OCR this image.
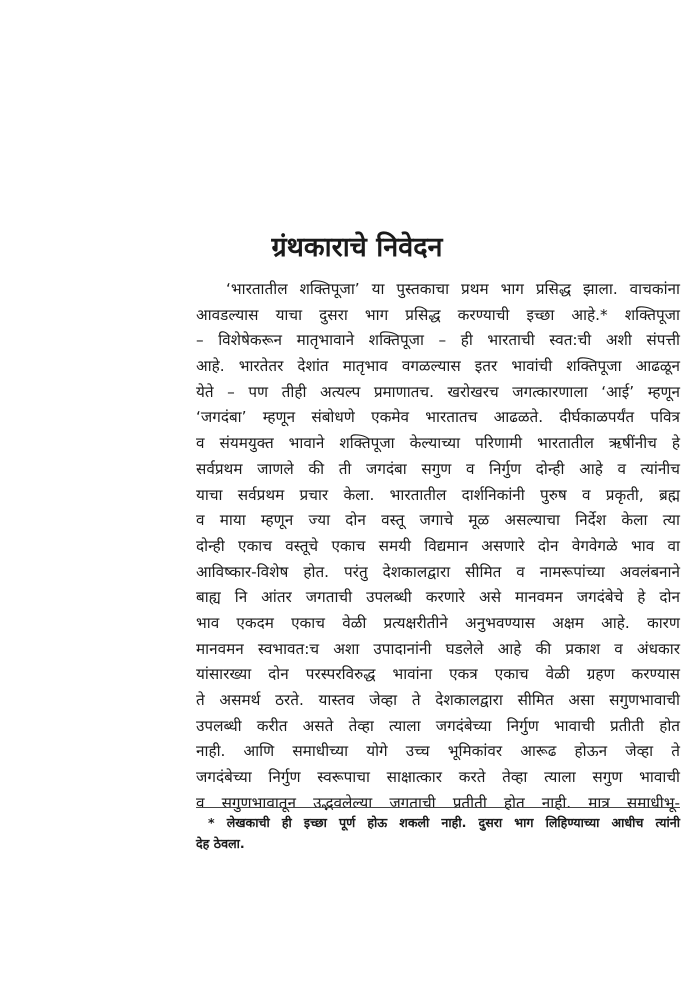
ग्रंथकाराचे निवेदन
‘भारतातील शक्तिपूजा’ या पुस्तकाचा प्रथम भाग प्रसिद्ध झाला. वाचकांना
आवडल्यास याचा दुसरा भाग प्रसिद्ध करण्याची इच्छा आहे.* शक्तिपूजा
– विशेषेकरून मातृभावाने शक्तिपूजा – ही भारताची स्वत:ची अशी संपत्ती
आहे. भारतेतर देशांत मातृभाव वगळल्यास इतर भावांची शक्तिपूजा आढळून
येते – पण तीही अत्यल्प प्रमाणातच. खरोखरच जगत्कारणाला ‘आई’ म्हणून
‘जगदंबा’ म्हणून संबोधणे एकमेव भारतातच आढळते. दीर्घकाळपर्यंत पवित्र
व संयमयुक्त भावाने शक्तिपूजा केल्याच्या परिणामी भारतातील ऋषींनीच हे
सर्वप्रथम जाणले की ती जगदंबा सगुण व निर्गुण दोन्ही आहे व त्यांनीच
याचा सर्वप्रथम प्रचार केला. भारतातील दार्शनिकांनी पुरुष व प्रकृती, ब्रह्म
व माया म्हणून ज्या दोन वस्तू जगाचे मूळ असल्याचा निर्देश केला त्या
दोन्ही एकाच वस्तूचे एकाच समयी विद्यमान असणारे दोन वेगवेगळे भाव वा
आविष्कार-विशेष होत. परंतु देशकालद्वारा सीमित व नामरूपांच्या अवलंबनाने
बाह्य नि आंतर जगताची उपलब्धी करणारे असे मानवमन जगदंबेचे हे दोन
भाव एकदम एकाच वेळी प्रत्यक्षरीतीने अनुभवण्यास अक्षम आहे. कारण
मानवमन स्वभावत:च अशा उपादानांनी घडलेले आहे की प्रकाश व अंधकार
यांसारख्या दोन परस्परविरुद्ध भावांना एकत्र एकाच वेळी ग्रहण करण्यास
ते असमर्थ ठरते. यास्तव जेव्हा ते देशकालद्वारा सीमित असा सगुणभावाची
उपलब्धी करीत असते तेव्हा त्याला जगदंबेच्या निर्गुण भावाची प्रतीती होत
नाही. आणि समाधीच्या योगे उच्च भूमिकांवर आरूढ होऊन जेव्हा ते
जगदंबेच्या निर्गुण स्वरूपाचा साक्षात्कार करते तेव्हा त्याला सगुण भावाची
व सगुणभावातून उद्भवलेल्या जगताची प्रतीती होत नाही. मात्र समाधीभू-
* लेखकाची ही इच्छा पूर्ण होऊ शकली नाही. दुसरा भाग लिहिण्याच्या आधीच त्यांनी
देह ठेवला.
